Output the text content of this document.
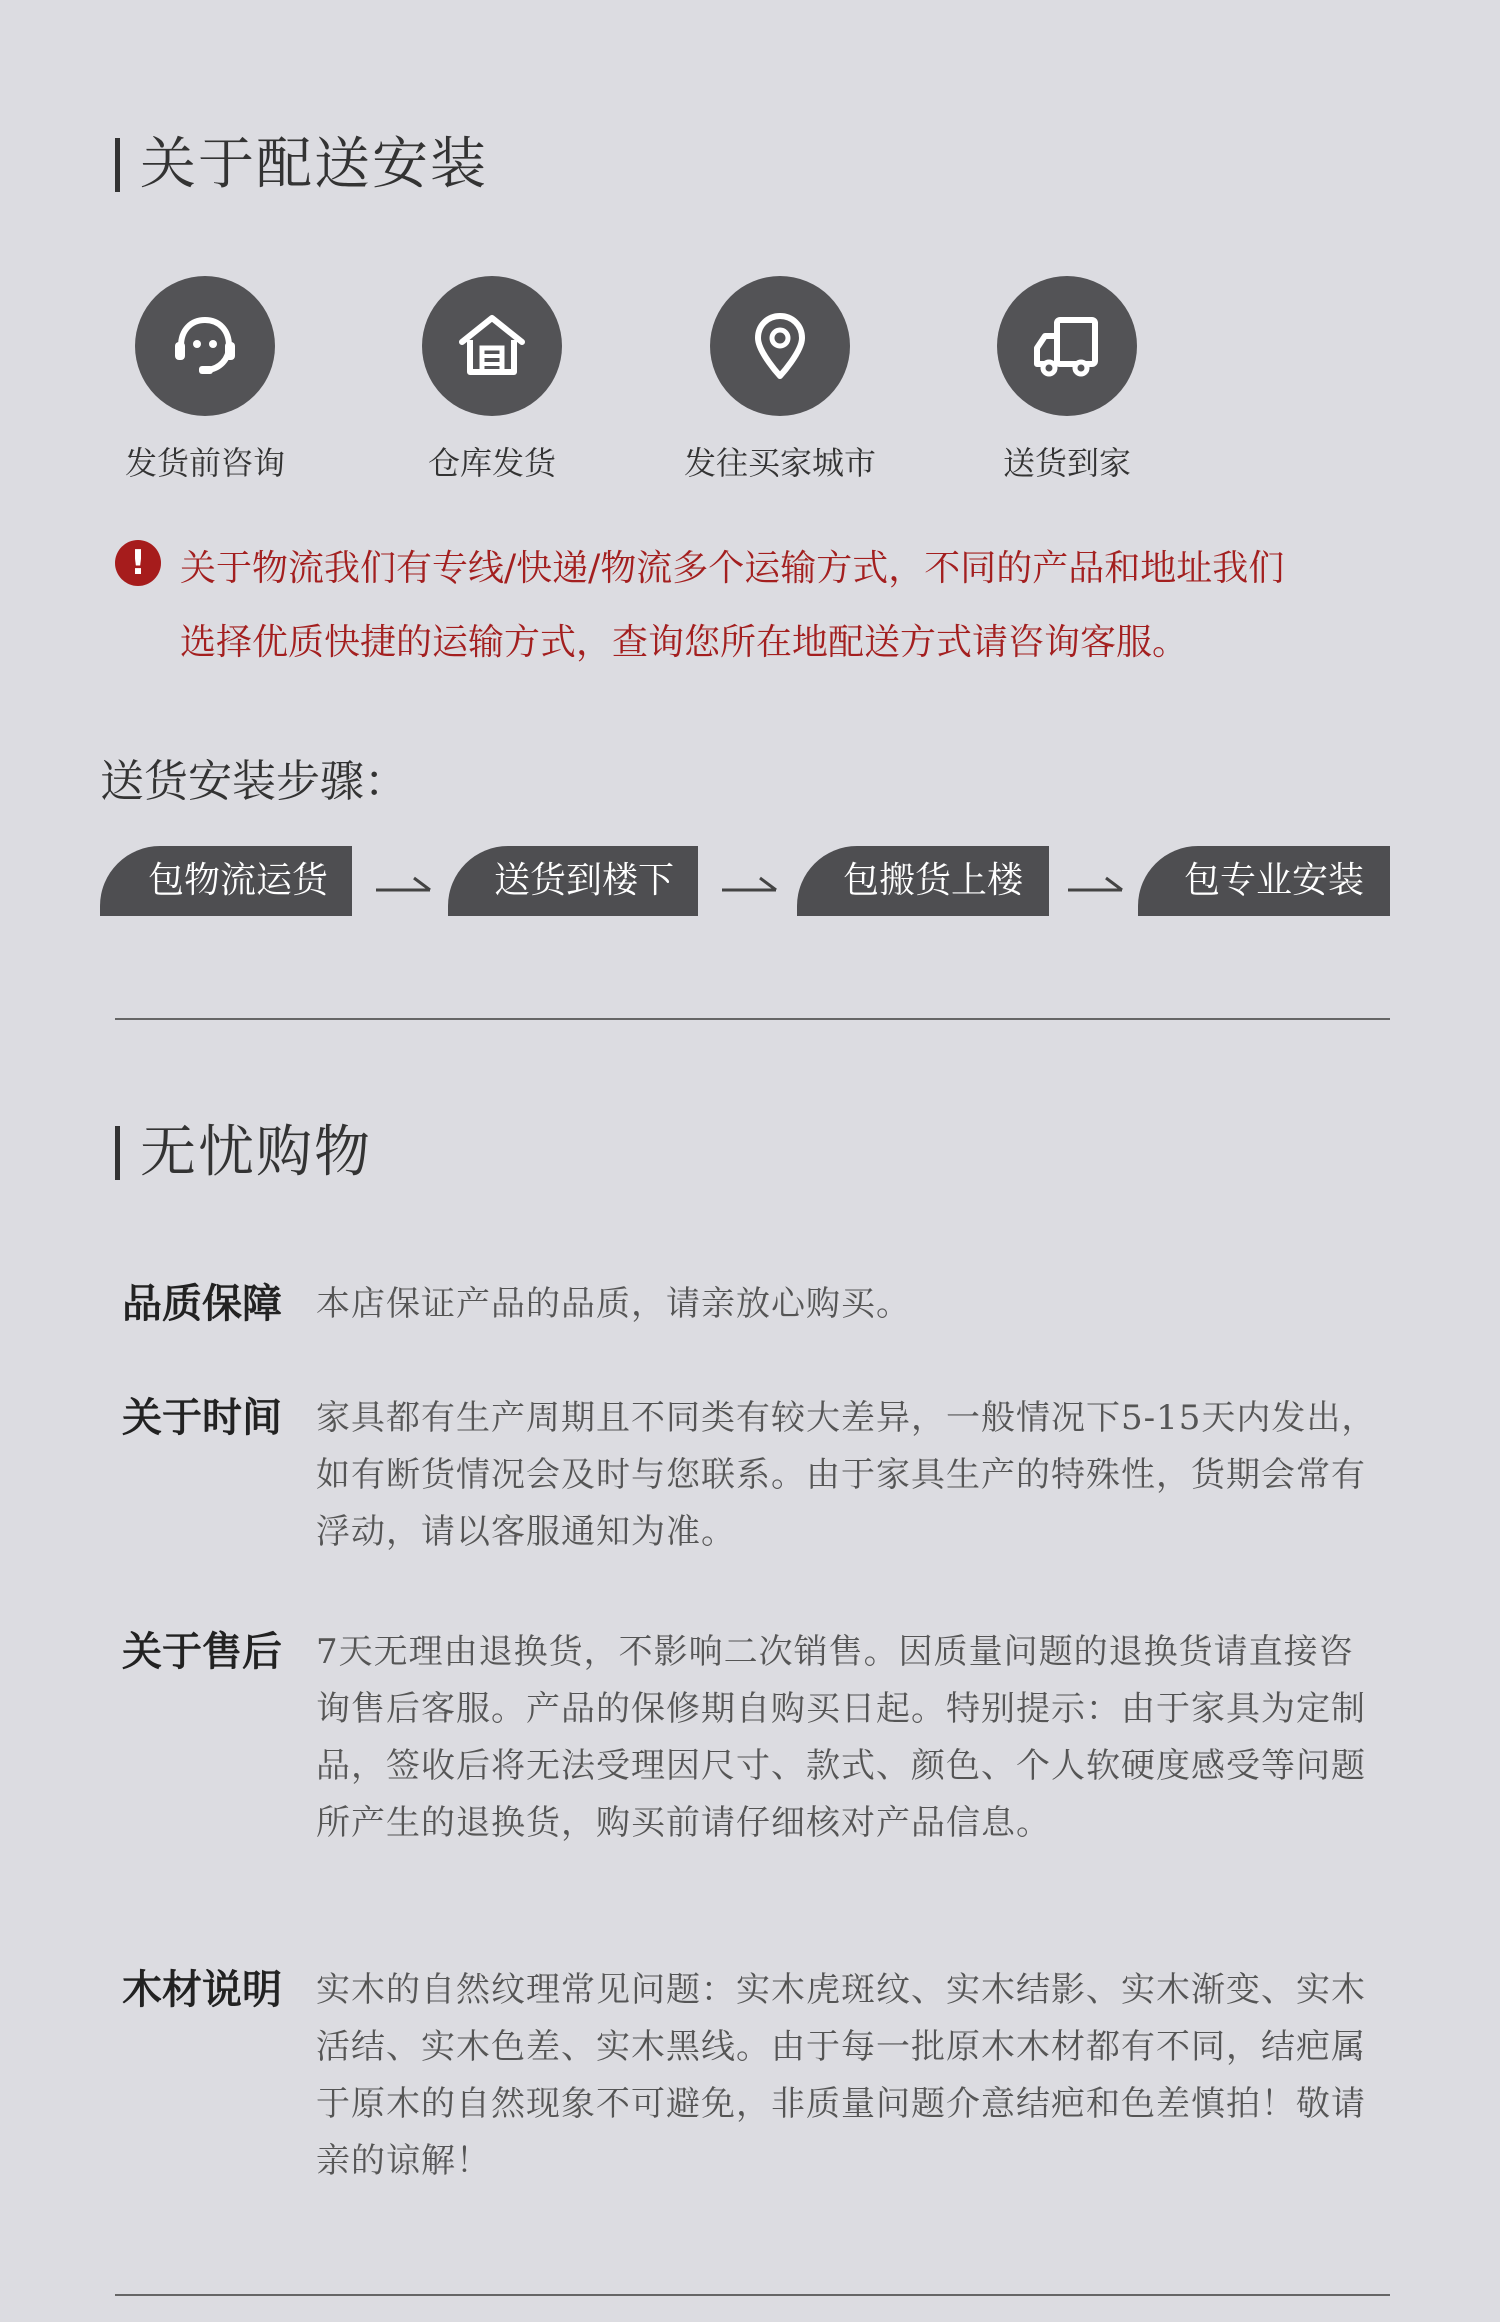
关于配送安装
发货前咨询	仓库发货	发往买家城市	送货到家
! 关于物流我们有专线/快递/物流多个运输方式，不同的产品和地址我们
选择优质快捷的运输方式，查询您所在地配送方式请咨询客服。
送货安装步骤：
包物流运货	送货到楼下	包搬货上楼	包专业安装
无忧购物
品质保障 本店保证产品的品质，请亲放心购买。
关于时间 家具都有生产周期且不同类有较大差异，一般情况下5-15天内发出，如有断货情况会及时与您联系。由于家具生产的特殊性，货期会常有浮动，请以客服通知为准。
关于售后 7天无理由退换货，不影响二次销售。因质量问题的退换货请直接咨询售后客服。产品的保修期自购买日起。特别提示：由于家具为定制品，签收后将无法受理因尺寸、款式、颜色、个人软硬度感受等问题所产生的退换货，购买前请仔细核对产品信息。
木材说明 实木的自然纹理常见问题：实木虎斑纹、实木结影、实木渐变、实木活结、实木色差、实木黑线。由于每一批原木木材都有不同，结疤属于原木的自然现象不可避免，非质量问题介意结疤和色差慎拍！敬请亲的谅解！
